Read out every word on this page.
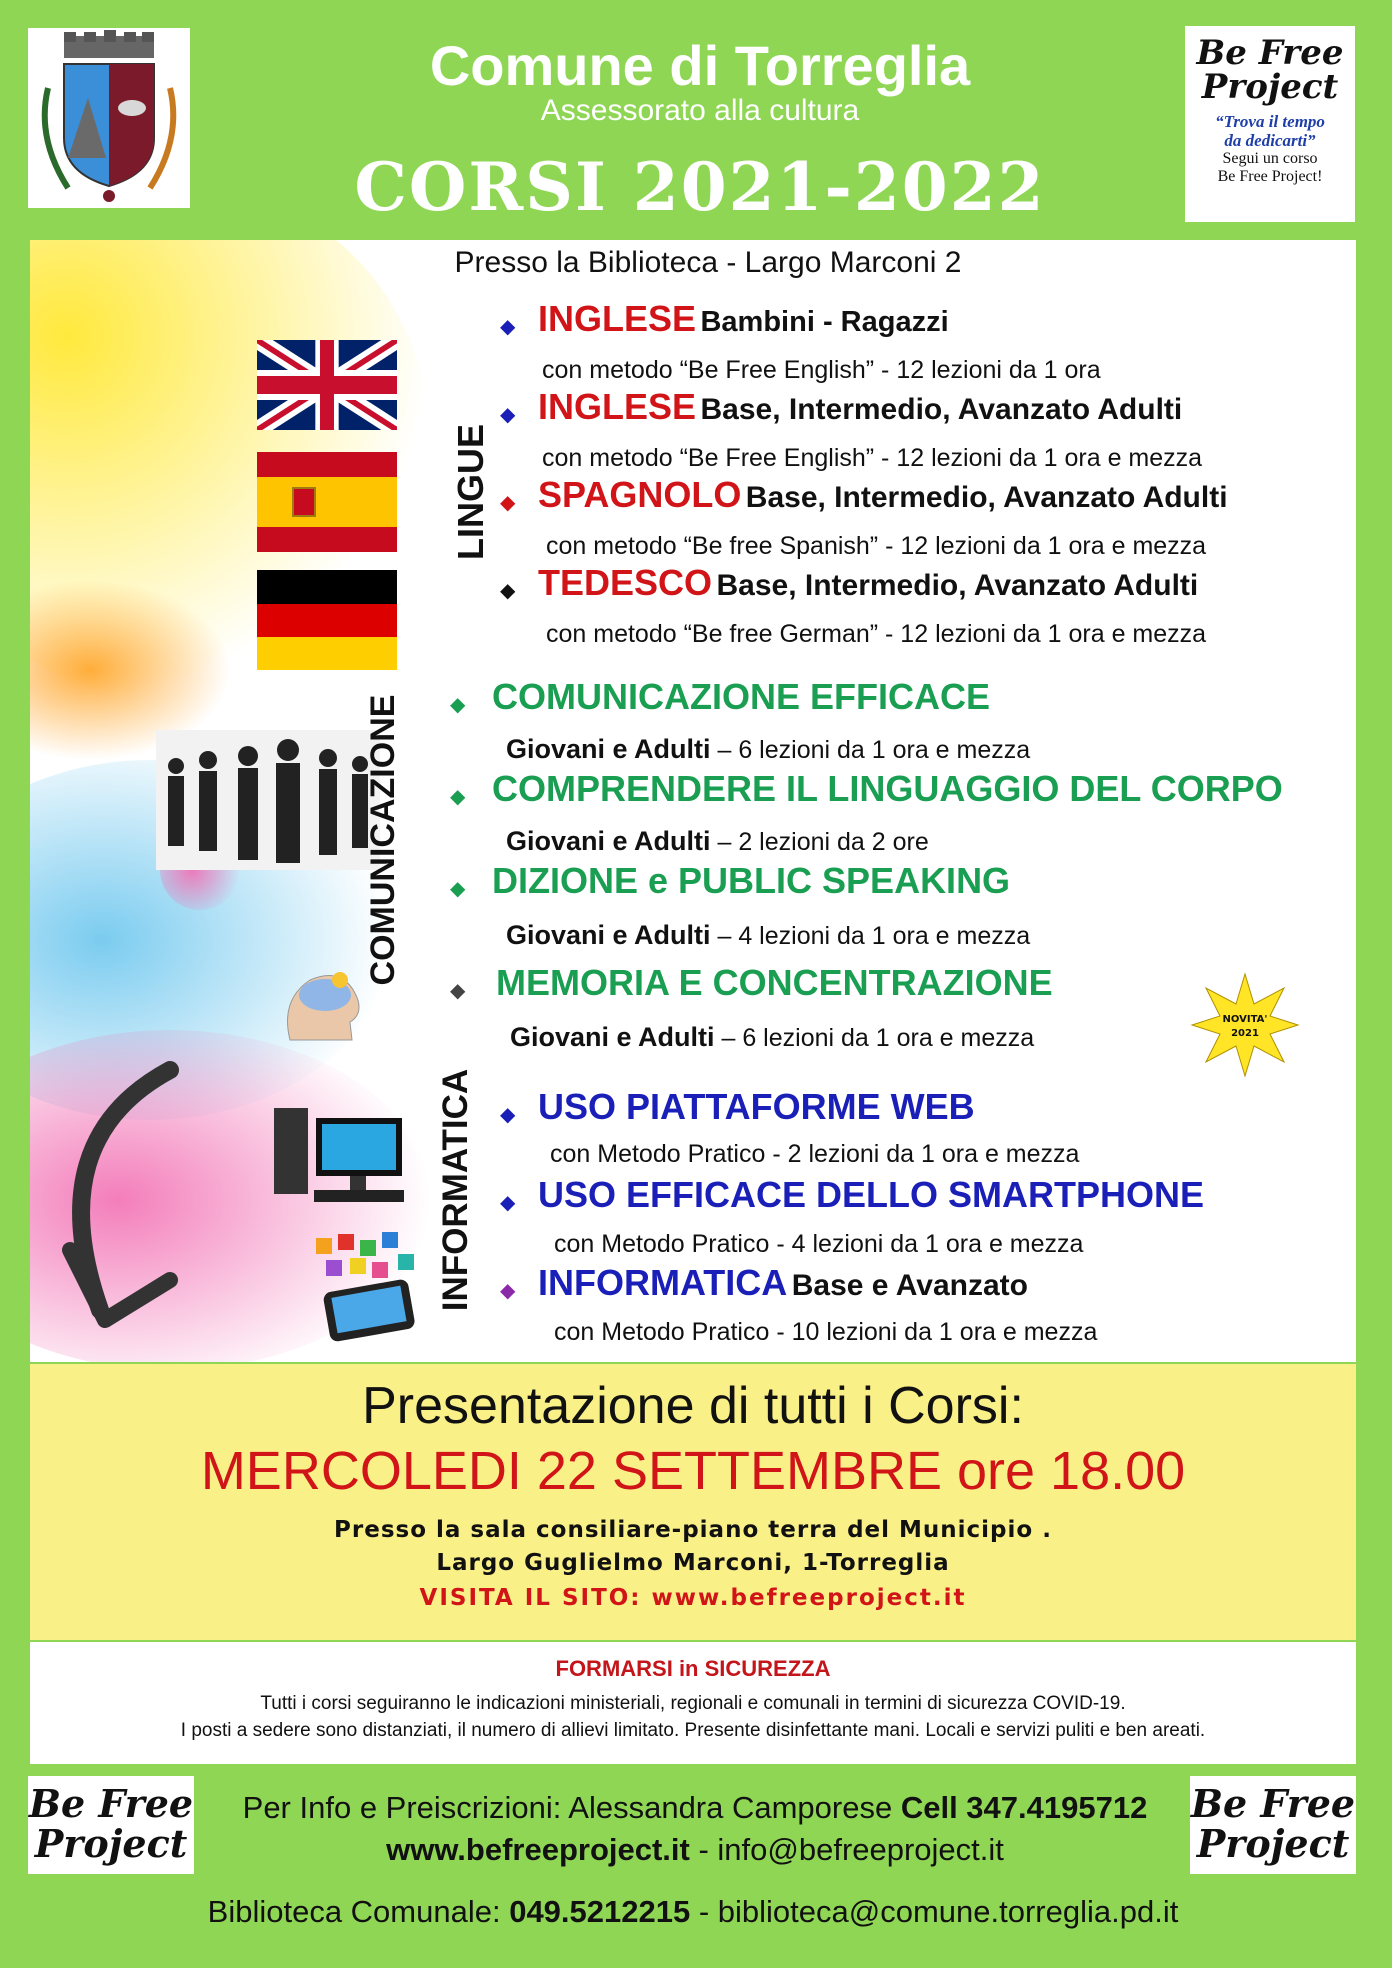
Comune di Torreglia
Assessorato alla cultura
CORSI 2021-2022
Be Free
Project
“Trova il tempo
da dedicarti”
Segui un corso
Be Free Project!
Presso la Biblioteca - Largo Marconi 2
LINGUE
COMUNICAZIONE
INFORMATICA
◆ INGLESE Bambini - Ragazzi
con metodo “Be Free English” - 12 lezioni da 1 ora
◆ INGLESE Base, Intermedio, Avanzato Adulti
con metodo “Be Free English” - 12 lezioni da 1 ora e mezza
◆ SPAGNOLO Base, Intermedio, Avanzato Adulti
con metodo “Be free Spanish” - 12 lezioni da 1 ora e mezza
◆ TEDESCO Base, Intermedio, Avanzato Adulti
con metodo “Be free German” - 12 lezioni da 1 ora e mezza
◆ COMUNICAZIONE EFFICACE
Giovani e Adulti – 6 lezioni da 1 ora e mezza
◆ COMPRENDERE IL LINGUAGGIO DEL CORPO
Giovani e Adulti – 2 lezioni da 2 ore
◆ DIZIONE e PUBLIC SPEAKING
Giovani e Adulti – 4 lezioni da 1 ora e mezza
◆ MEMORIA E CONCENTRAZIONE
Giovani e Adulti – 6 lezioni da 1 ora e mezza
NOVITA'
2021
◆ USO PIATTAFORME WEB
con Metodo Pratico - 2 lezioni da 1 ora e mezza
◆ USO EFFICACE DELLO SMARTPHONE
con Metodo Pratico - 4 lezioni da 1 ora e mezza
◆ INFORMATICA Base e Avanzato
con Metodo Pratico - 10 lezioni da 1 ora e mezza
Presentazione di tutti i Corsi:
MERCOLEDI 22 SETTEMBRE ore 18.00
Presso la sala consiliare-piano terra del Municipio .
Largo Guglielmo Marconi, 1-Torreglia
VISITA IL SITO: www.befreeproject.it
FORMARSI in SICUREZZA
Tutti i corsi seguiranno le indicazioni ministeriali, regionali e comunali in termini di sicurezza COVID-19.
I posti a sedere sono distanziati, il numero di allievi limitato. Presente disinfettante mani. Locali e servizi puliti e ben areati.
Be Free
Project
Be Free
Project
Per Info e Preiscrizioni: Alessandra Camporese Cell 347.4195712
www.befreeproject.it - info@befreeproject.it
Biblioteca Comunale: 049.5212215 - biblioteca@comune.torreglia.pd.it
